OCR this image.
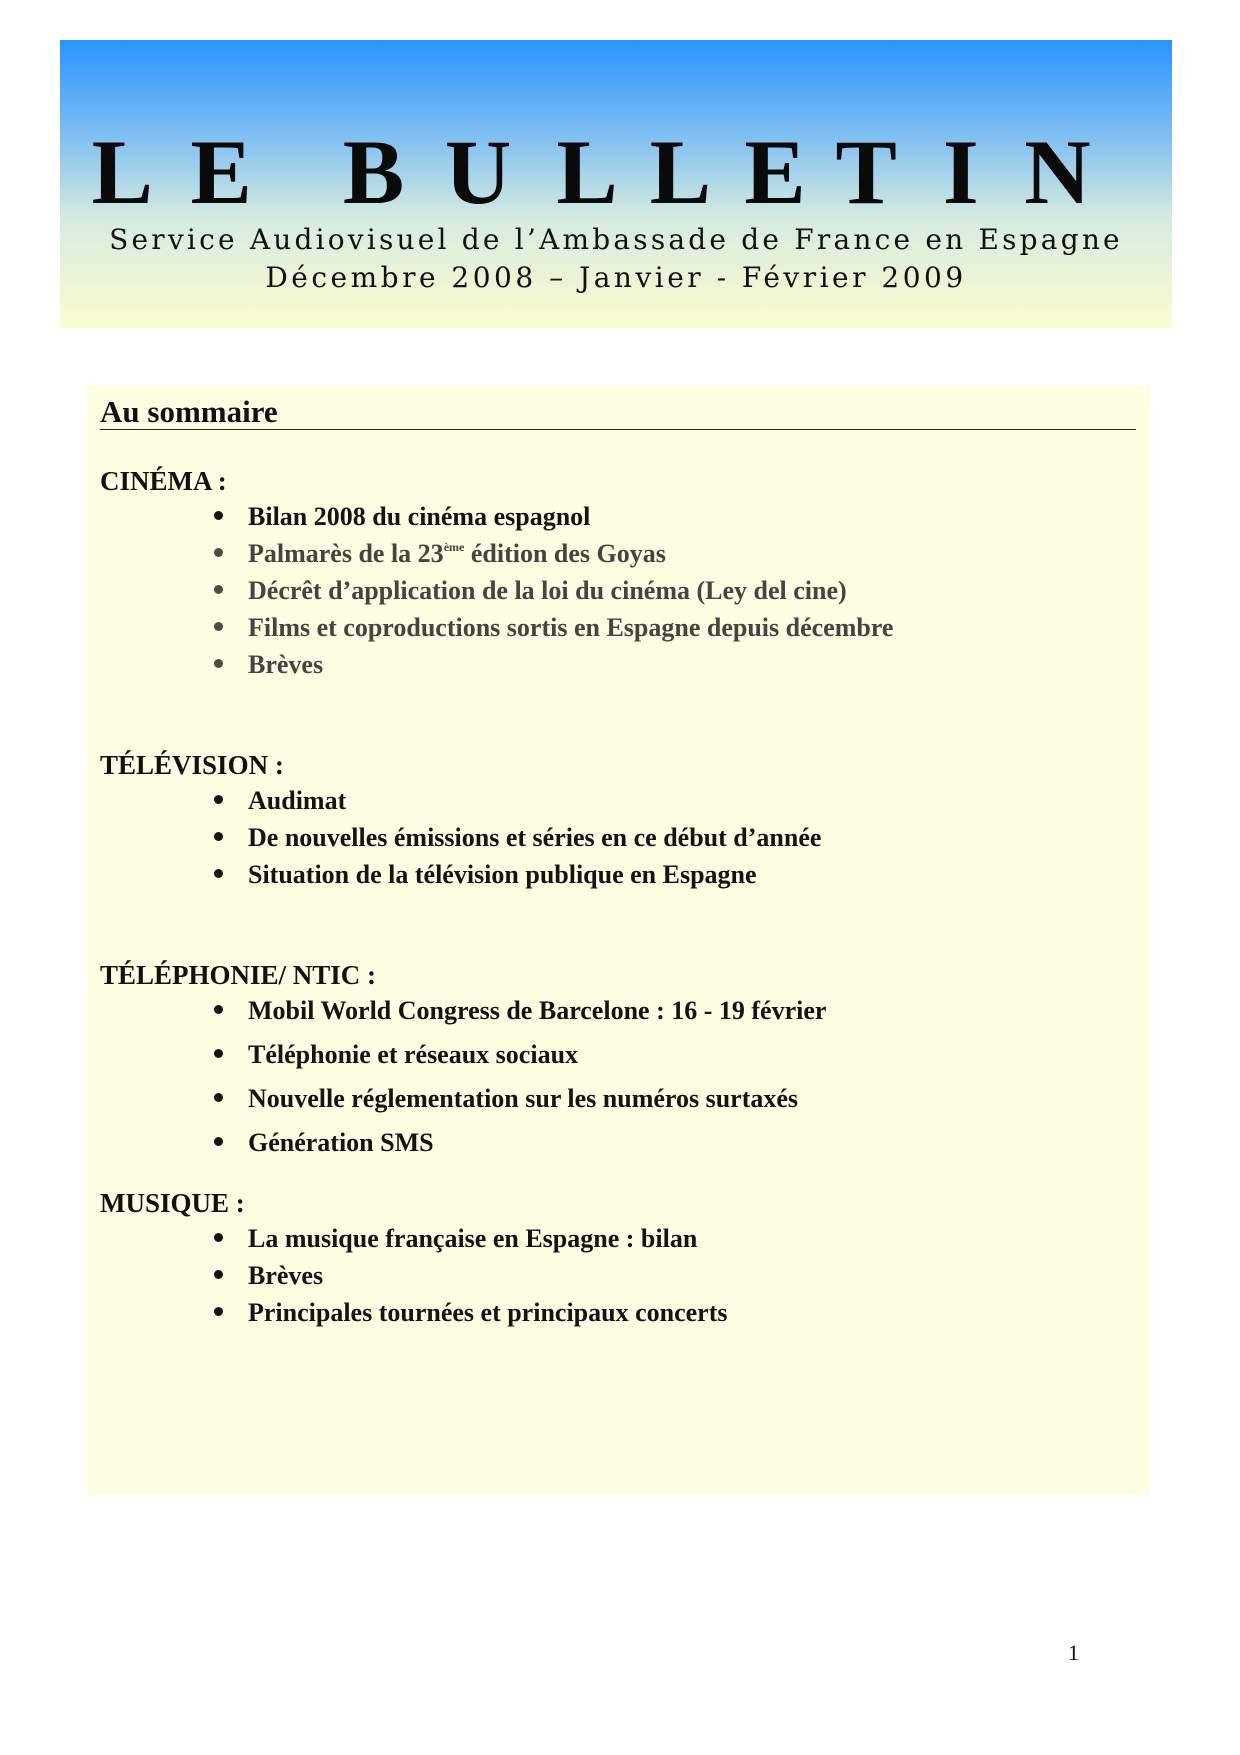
L E B U L L E T I N
Service Audiovisuel de l’Ambassade de France en Espagne
Décembre 2008 – Janvier - Février 2009
Au sommaire
CINÉMA :
Bilan 2008 du cinéma espagnol
Palmarès de la 23ème édition des Goyas
Décrêt d’application de la loi du cinéma (Ley del cine)
Films et coproductions sortis en Espagne depuis décembre
Brèves
TÉLÉVISION :
Audimat
De nouvelles émissions et séries en ce début d’année
Situation de la télévision publique en Espagne
TÉLÉPHONIE/ NTIC :
Mobil World Congress de Barcelone : 16 - 19 février
Téléphonie et réseaux sociaux
Nouvelle réglementation sur les numéros surtaxés
Génération SMS
MUSIQUE :
La musique française en Espagne : bilan
Brèves
Principales tournées et principaux concerts
1
